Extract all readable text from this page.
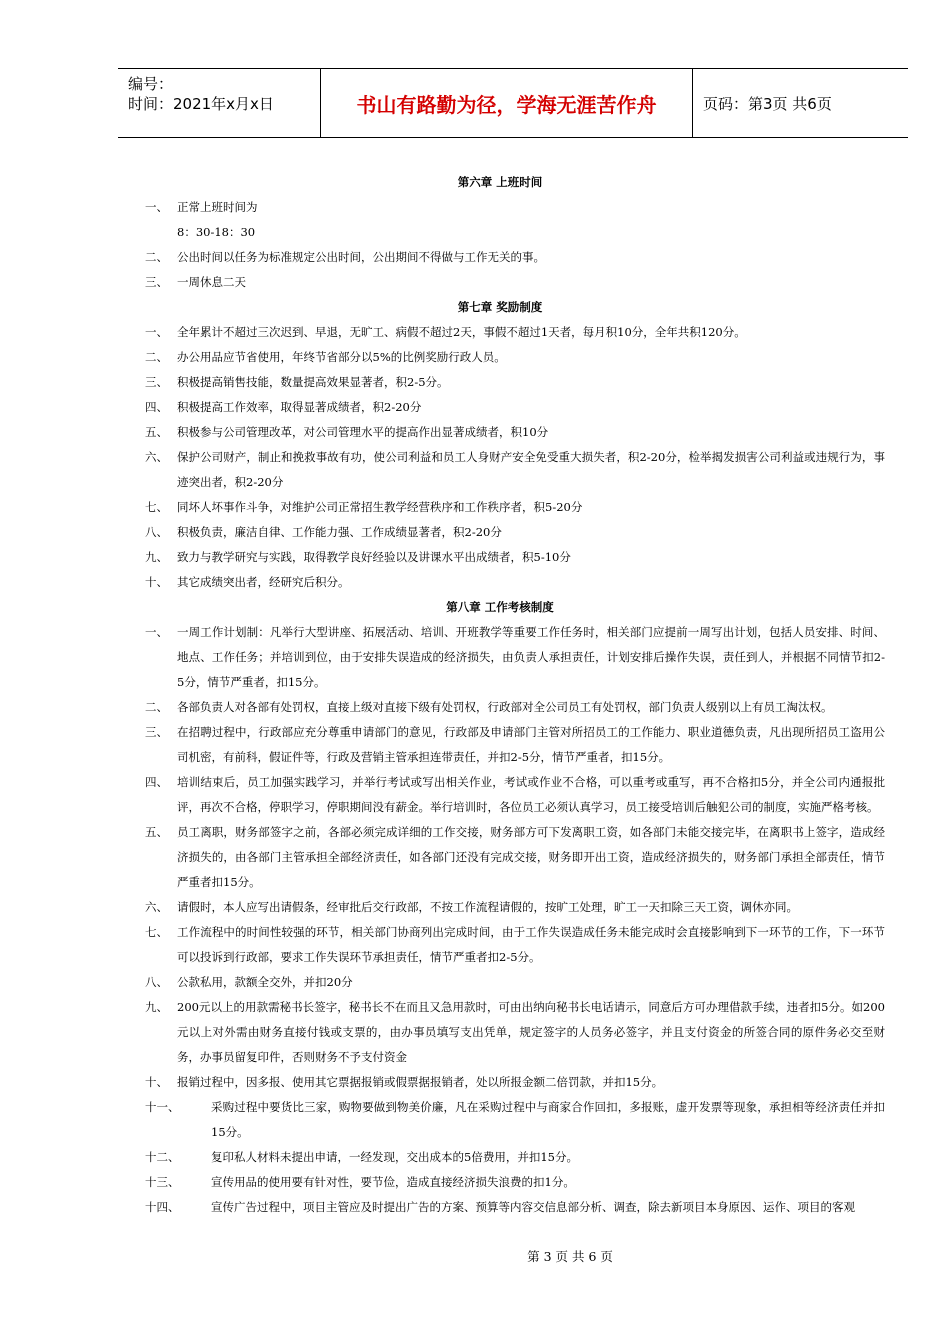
编号：
时间：2021年x月x日	书山有路勤为径，学海无涯苦作舟	页码：第3页 共6页
第六章 上班时间
一、 正常上班时间为
8：30-18：30
二、 公出时间以任务为标准规定公出时间，公出期间不得做与工作无关的事。
三、 一周休息二天
第七章 奖励制度
一、 全年累计不超过三次迟到、早退，无旷工、病假不超过2天，事假不超过1天者，每月积10分，全年共积120分。
二、 办公用品应节省使用，年终节省部分以5%的比例奖励行政人员。
三、 积极提高销售技能，数量提高效果显著者，积2-5分。
四、 积极提高工作效率，取得显著成绩者，积2-20分
五、 积极参与公司管理改革，对公司管理水平的提高作出显著成绩者，积10分
六、 保护公司财产，制止和挽救事故有功，使公司利益和员工人身财产安全免受重大损失者，积2-20分，检举揭发损害公司利益或违规行为，事迹突出者，积2-20分
七、 同坏人坏事作斗争，对维护公司正常招生教学经营秩序和工作秩序者，积5-20分
八、 积极负责，廉洁自律、工作能力强、工作成绩显著者，积2-20分
九、 致力与教学研究与实践，取得教学良好经验以及讲课水平出成绩者，积5-10分
十、 其它成绩突出者，经研究后积分。
第八章 工作考核制度
一、 一周工作计划制：凡举行大型讲座、拓展活动、培训、开班教学等重要工作任务时，相关部门应提前一周写出计划，包括人员安排、时间、地点、工作任务；并培训到位，由于安排失误造成的经济损失，由负责人承担责任，计划安排后操作失误，责任到人，并根据不同情节扣2-5分，情节严重者，扣15分。
二、 各部负责人对各部有处罚权，直接上级对直接下级有处罚权，行政部对全公司员工有处罚权，部门负责人级别以上有员工淘汰权。
三、 在招聘过程中，行政部应充分尊重申请部门的意见，行政部及申请部门主管对所招员工的工作能力、职业道德负责，凡出现所招员工盗用公司机密，有前科，假证件等，行政及营销主管承担连带责任，并扣2-5分，情节严重者，扣15分。
四、 培训结束后，员工加强实践学习，并举行考试或写出相关作业，考试或作业不合格，可以重考或重写，再不合格扣5分，并全公司内通报批评，再次不合格，停职学习，停职期间没有薪金。举行培训时，各位员工必须认真学习，员工接受培训后触犯公司的制度，实施严格考核。
五、 员工离职，财务部签字之前，各部必须完成详细的工作交接，财务部方可下发离职工资，如各部门未能交接完毕，在离职书上签字，造成经济损失的，由各部门主管承担全部经济责任，如各部门还没有完成交接，财务即开出工资，造成经济损失的，财务部门承担全部责任，情节严重者扣15分。
六、 请假时，本人应写出请假条，经审批后交行政部，不按工作流程请假的，按旷工处理，旷工一天扣除三天工资，调休亦同。
七、 工作流程中的时间性较强的环节，相关部门协商列出完成时间，由于工作失误造成任务未能完成时会直接影响到下一环节的工作，下一环节可以投诉到行政部，要求工作失误环节承担责任，情节严重者扣2-5分。
八、 公款私用，款额全交外，并扣20分
九、 200元以上的用款需秘书长签字，秘书长不在而且又急用款时，可由出纳向秘书长电话请示，同意后方可办理借款手续，违者扣5分。如200元以上对外需由财务直接付钱或支票的，由办事员填写支出凭单，规定签字的人员务必签字，并且支付资金的所签合同的原件务必交至财务，办事员留复印件，否则财务不予支付资金
十、 报销过程中，因多报、使用其它票据报销或假票据报销者，处以所报金额二倍罚款，并扣15分。
十一、	采购过程中要货比三家，购物要做到物美价廉，凡在采购过程中与商家合作回扣，多报账，虚开发票等现象，承担相等经济责任并扣15分。
十二、	复印私人材料未提出申请，一经发现，交出成本的5倍费用，并扣15分。
十三、	宣传用品的使用要有针对性，要节俭，造成直接经济损失浪费的扣1分。
十四、	宣传广告过程中，项目主管应及时提出广告的方案、预算等内容交信息部分析、调查，除去新项目本身原因、运作、项目的客观
第 3 页 共 6 页
